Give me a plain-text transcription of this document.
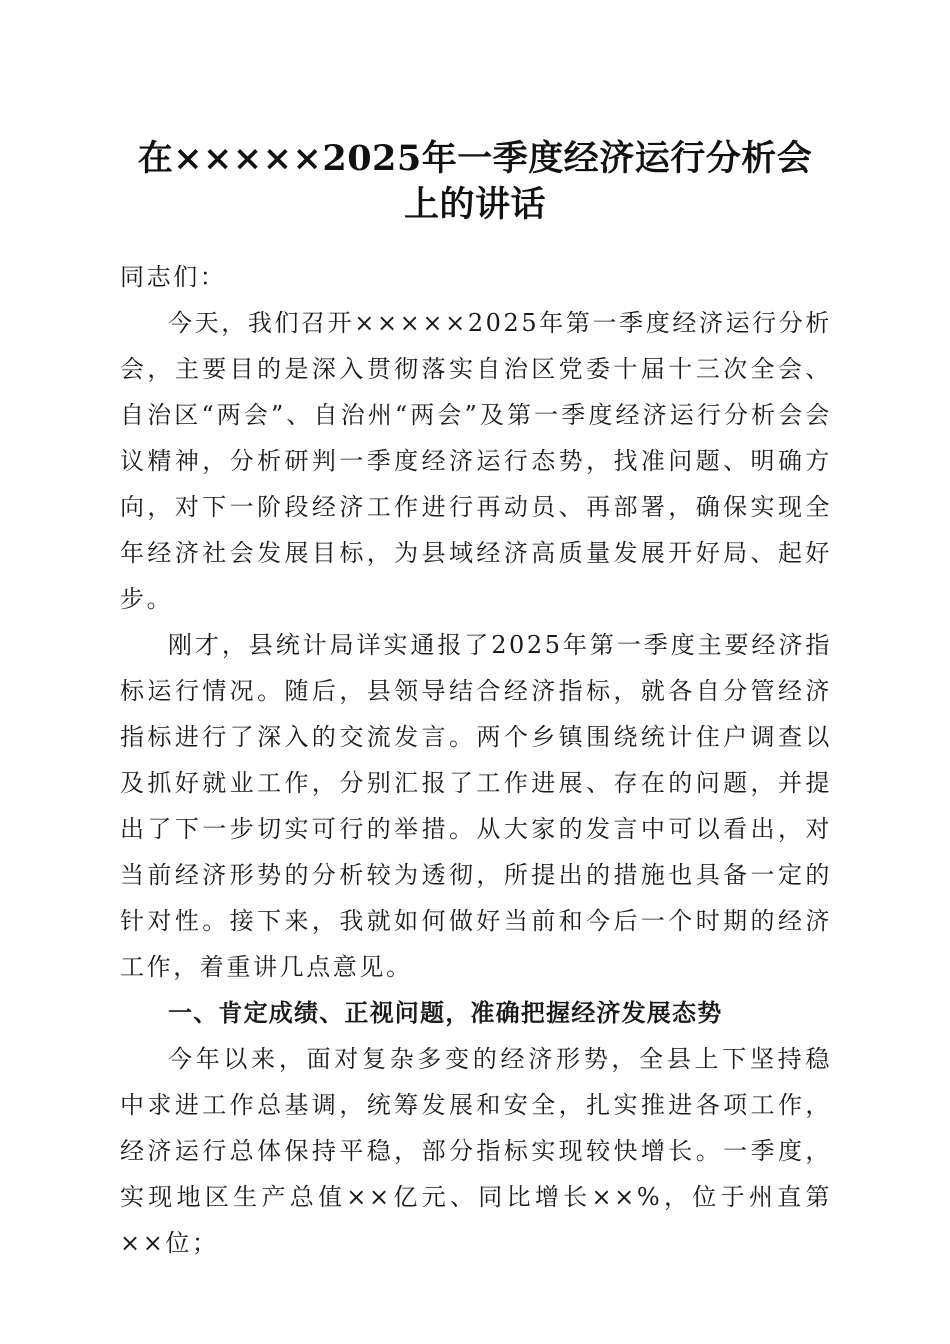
在×××××2025年一季度经济运行分析会
上的讲话

同志们：

今天，我们召开×××××2025年第一季度经济运行分析会，主要目的是深入贯彻落实自治区党委十届十三次全会、自治区“两会”、自治州“两会”及第一季度经济运行分析会会议精神，分析研判一季度经济运行态势，找准问题、明确方向，对下一阶段经济工作进行再动员、再部署，确保实现全年经济社会发展目标，为县域经济高质量发展开好局、起好步。

刚才，县统计局详实通报了2025年第一季度主要经济指标运行情况。随后，县领导结合经济指标，就各自分管经济指标进行了深入的交流发言。两个乡镇围绕统计住户调查以及抓好就业工作，分别汇报了工作进展、存在的问题，并提出了下一步切实可行的举措。从大家的发言中可以看出，对当前经济形势的分析较为透彻，所提出的措施也具备一定的针对性。接下来，我就如何做好当前和今后一个时期的经济工作，着重讲几点意见。

一、肯定成绩、正视问题，准确把握经济发展态势

今年以来，面对复杂多变的经济形势，全县上下坚持稳中求进工作总基调，统筹发展和安全，扎实推进各项工作，经济运行总体保持平稳，部分指标实现较快增长。一季度，实现地区生产总值××亿元、同比增长××%，位于州直第××位；
